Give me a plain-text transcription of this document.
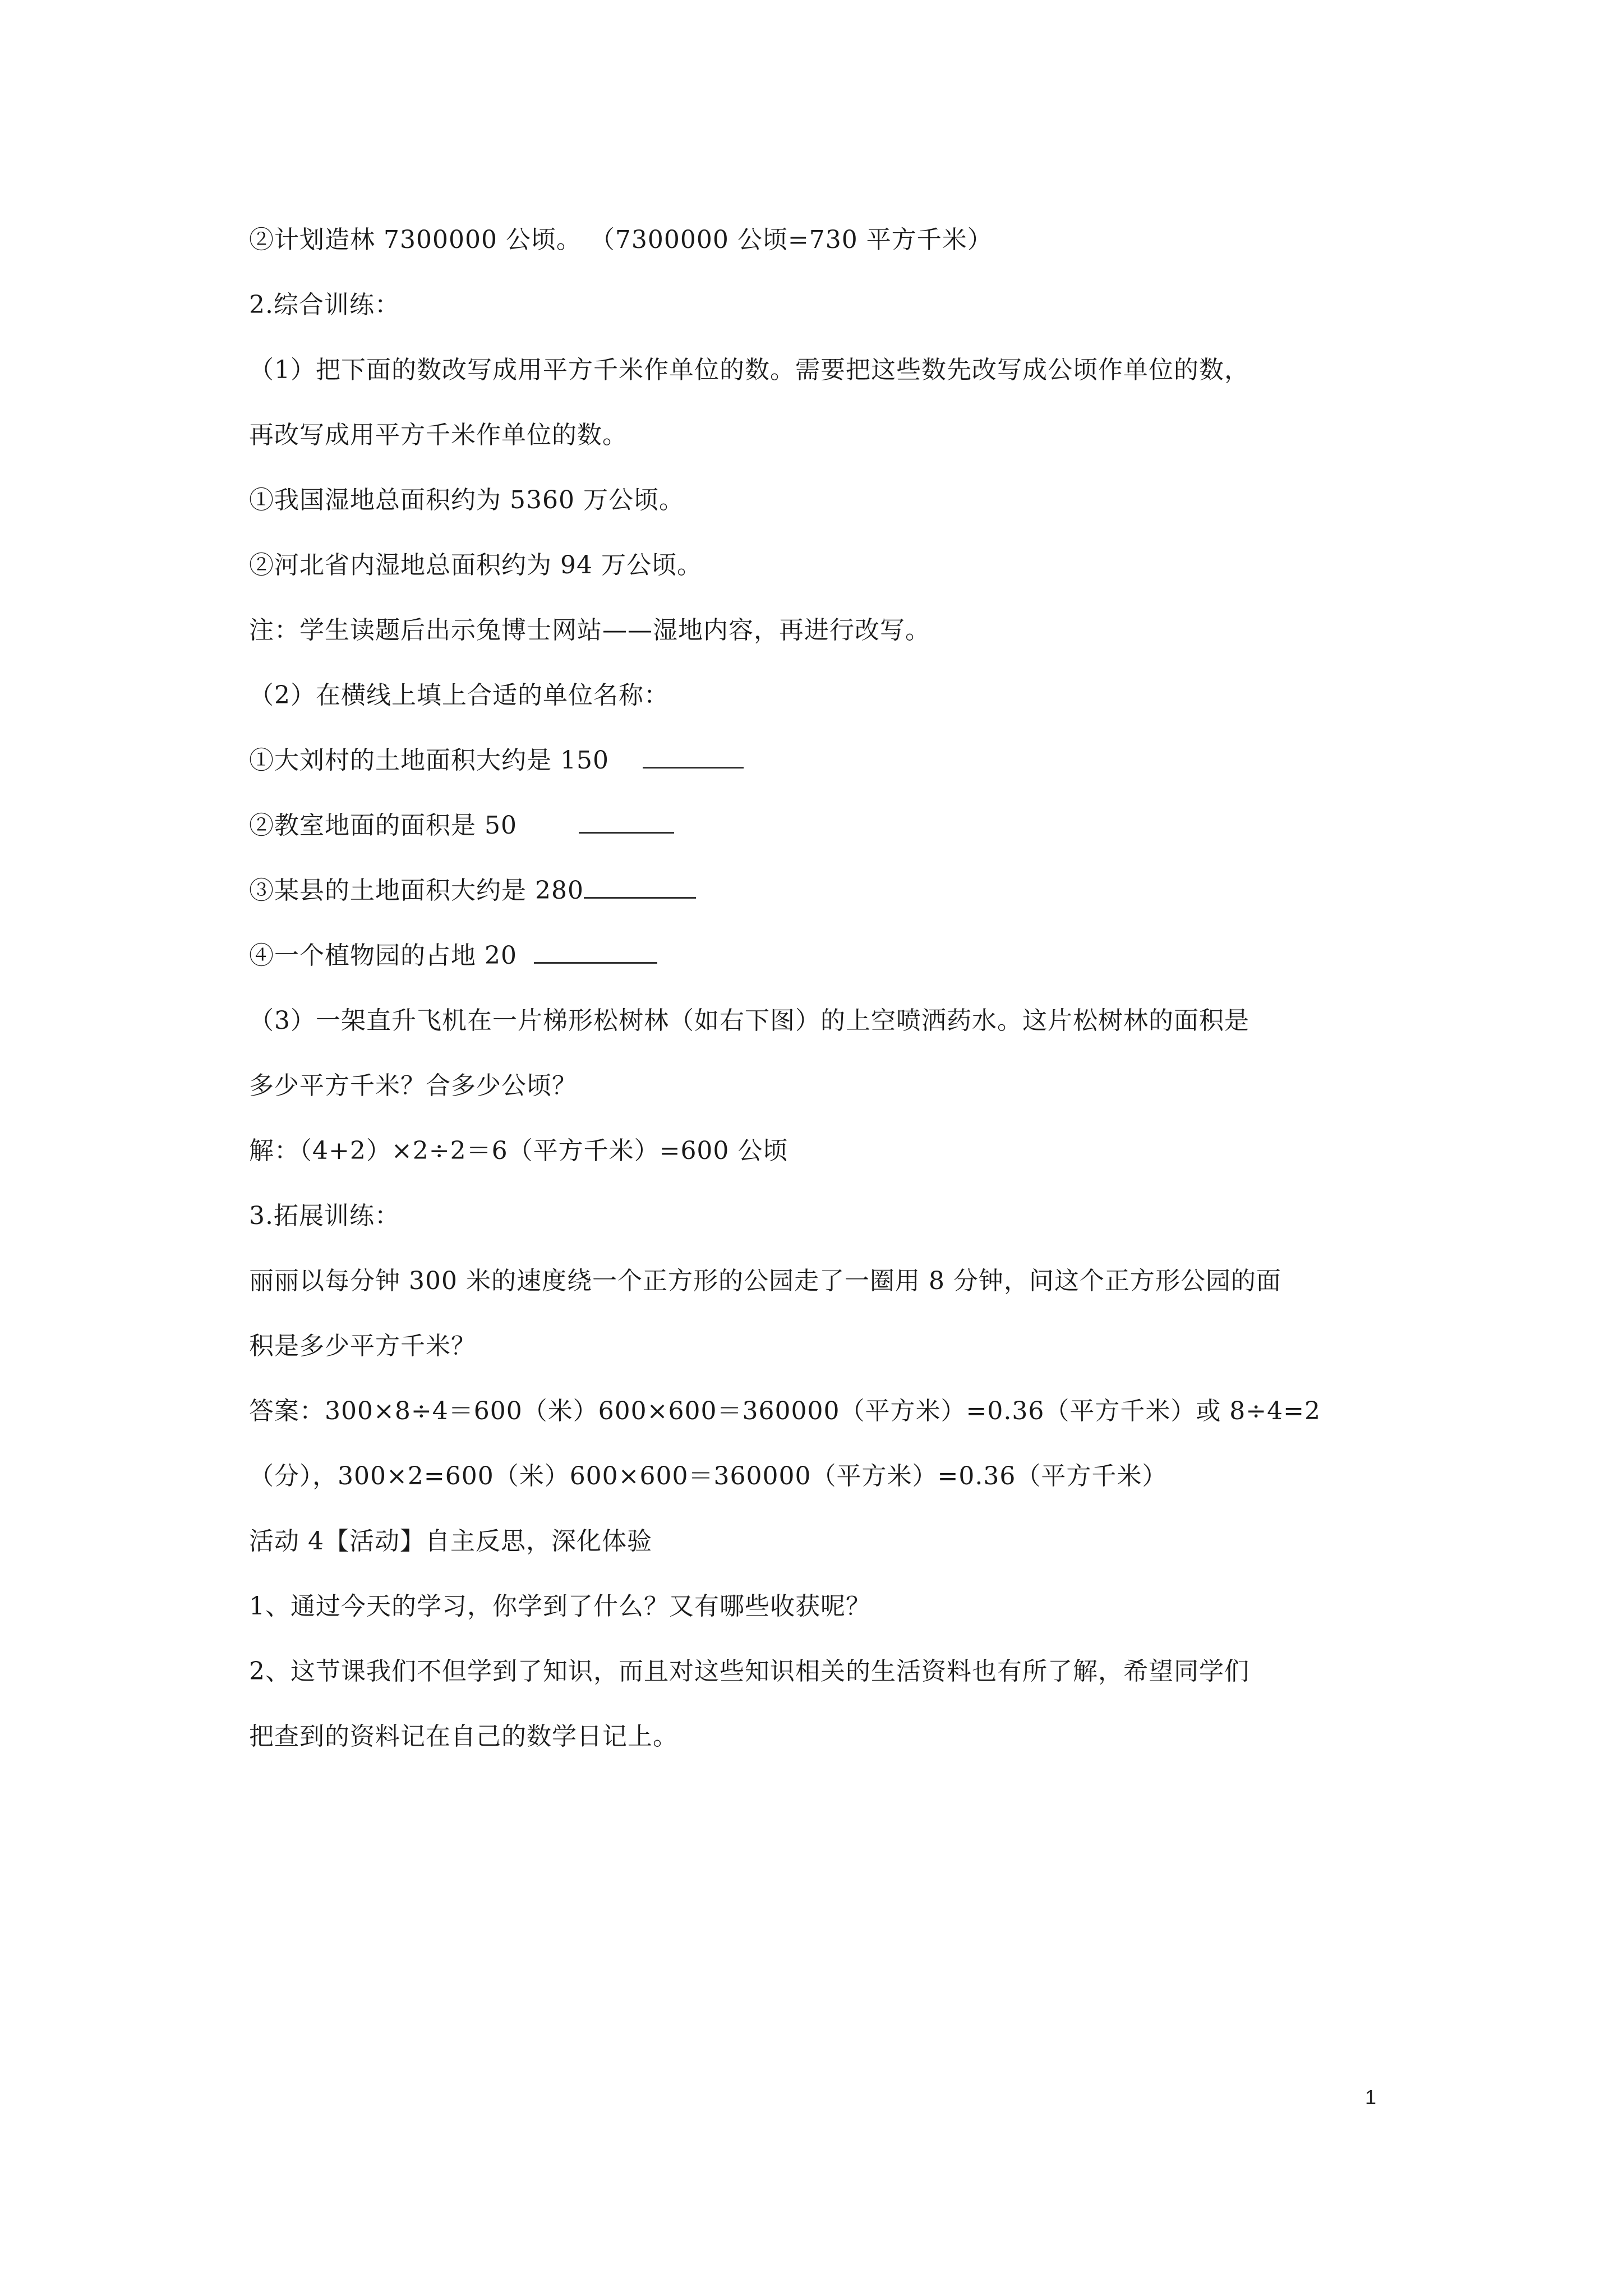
②计划造林 7300000 公顷。 （7300000 公顷=730 平方千米）
2.综合训练：
（1）把下面的数改写成用平方千米作单位的数。需要把这些数先改写成公顷作单位的数，
再改写成用平方千米作单位的数。
①我国湿地总面积约为 5360 万公顷。
②河北省内湿地总面积约为 94 万公顷。
注：学生读题后出示兔博士网站——湿地内容，再进行改写。
（2）在横线上填上合适的单位名称：
①大刘村的土地面积大约是 150
②教室地面的面积是 50
③某县的土地面积大约是 280
④一个植物园的占地 20
（3）一架直升飞机在一片梯形松树林（如右下图）的上空喷洒药水。这片松树林的面积是
多少平方千米？合多少公顷？
解：（4+2）×2÷2＝6（平方千米）=600 公顷
3.拓展训练：
丽丽以每分钟 300 米的速度绕一个正方形的公园走了一圈用 8 分钟，问这个正方形公园的面
积是多少平方千米？
答案：300×8÷4＝600（米）600×600＝360000（平方米）=0.36（平方千米）或 8÷4=2
（分），300×2=600（米）600×600＝360000（平方米）=0.36（平方千米）
活动 4【活动】自主反思，深化体验
1、通过今天的学习，你学到了什么？又有哪些收获呢？
2、这节课我们不但学到了知识，而且对这些知识相关的生活资料也有所了解，希望同学们
把查到的资料记在自己的数学日记上。
1
